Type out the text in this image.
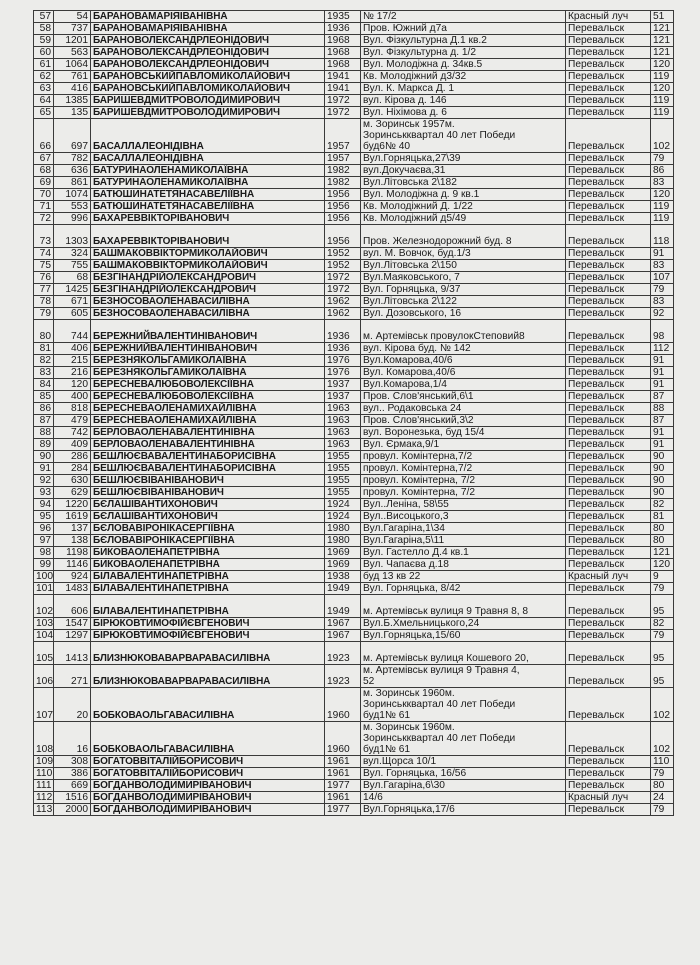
57	54	БАРАНОВАМАРІЯІВАНІВНА	1935	№ 17/2	Красный луч	51
58	737	БАРАНОВАМАРІЯІВАНІВНА	1936	Пров. Южний д7а	Перевальск	121
59	1201	БАРАНОВОЛЕКСАНДРЛЕОНІДОВИЧ	1968	Вул. Фізкультурна Д.1 кв.2	Перевальск	121
60	563	БАРАНОВОЛЕКСАНДРЛЕОНІДОВИЧ	1968	Вул. Фізкультурна д. 1/2	Перевальск	121
61	1064	БАРАНОВОЛЕКСАНДРЛЕОНІДОВИЧ	1968	Вул. Молодіжна д. 34кв.5	Перевальск	120
62	761	БАРАНОВСЬКИЙПАВЛОМИКОЛАЙОВИЧ	1941	Кв. Молодіжний д3/32	Перевальск	119
63	416	БАРАНОВСЬКИЙПАВЛОМИКОЛАЙОВИЧ	1941	Вул. К. Маркса Д. 1	Перевальск	120
64	1385	БАРИШЕВДМИТРОВОЛОДИМИРОВИЧ	1972	вул. Кірова д. 146	Перевальск	119
65	135	БАРИШЕВДМИТРОВОЛОДИМИРОВИЧ	1972	Вул. Ніхімова д. 6	Перевальск	119
66	697	БАСАЛЛАЛЕОНІДІВНА	1957	м. Зоринськ 1957м.
Зоринськквартал 40 лет Победи
буд6№ 40	Перевальск	102
67	782	БАСАЛЛАЛЕОНІДІВНА	1957	Вул.Горняцька,27\39	Перевальск	79
68	636	БАТУРИНАОЛЕНАМИКОЛАЇВНА	1982	вул.Докучаєва,31	Перевальск	86
69	861	БАТУРИНАОЛЕНАМИКОЛАЇВНА	1982	Вул.Літовська 2\182	Перевальск	83
70	1074	БАТЮШИНАТЕТЯНАСАВЕЛІЇВНА	1956	Вул. Молодіжна д. 9 кв.1	Перевальск	120
71	553	БАТЮШИНАТЕТЯНАСАВЕЛІЇВНА	1956	Кв. Молодіжний Д. 1/22	Перевальск	119
72	996	БАХАРЕВВІКТОРІВАНОВИЧ	1956	Кв. Молодіжний д5/49	Перевальск	119
73	1303	БАХАРЕВВІКТОРІВАНОВИЧ	1956	
Пров. Железнодорожний буд. 8	Перевальск	118
74	324	БАШМАКОВВІКТОРМИКОЛАЙОВИЧ	1952	вул. М. Вовчок, буд.1/3	Перевальск	91
75	755	БАШМАКОВВІКТОРМИКОЛАЙОВИЧ	1952	Вул.Літовська 2\150	Перевальск	83
76	68	БЕЗГІНАНДРІЙОЛЕКСАНДРОВИЧ	1972	Вул.Маяковського, 7	Перевальск	107
77	1425	БЕЗГІНАНДРІЙОЛЕКСАНДРОВИЧ	1972	Вул. Горняцька, 9/37	Перевальск	79
78	671	БЕЗНОСОВАОЛЕНАВАСИЛІВНА	1962	Вул.Літовська 2\122	Перевальск	83
79	605	БЕЗНОСОВАОЛЕНАВАСИЛІВНА	1962	Вул. Дозовського, 16	Перевальск	92
80	744	БЕРЕЖНИЙВАЛЕНТИНІВАНОВИЧ	1936	
м. Артемівськ провулокСтеповий8	Перевальск	98
81	406	БЕРЕЖНИЙВАЛЕНТИНІВАНОВИЧ	1936	вул. Кірова буд. № 142	Перевальск	112
82	215	БЕРЕЗНЯКОЛЬГАМИКОЛАЇВНА	1976	Вул.Комарова,40/6	Перевальск	91
83	216	БЕРЕЗНЯКОЛЬГАМИКОЛАЇВНА	1976	Вул. Комарова,40/6	Перевальск	91
84	120	БЕРЕСНЕВАЛЮБОВОЛЕКСІЇВНА	1937	Вул.Комарова,1/4	Перевальск	91
85	400	БЕРЕСНЕВАЛЮБОВОЛЕКСІЇВНА	1937	Пров. Слов'янський,6\1	Перевальск	87
86	818	БЕРЕСНЕВАОЛЕНАМИХАЙЛІВНА	1963	вул.. Родаковська 24	Перевальск	88
87	479	БЕРЕСНЕВАОЛЕНАМИХАЙЛІВНА	1963	Пров. Слов'янський,3\2	Перевальск	87
88	742	БЕРЛОВАОЛЕНАВАЛЕНТИНІВНА	1963	вул. Воронезька, буд 15/4	Перевальск	91
89	409	БЕРЛОВАОЛЕНАВАЛЕНТИНІВНА	1963	Вул. Єрмака,9/1	Перевальск	91
90	286	БЕШЛЮЄВАВАЛЕНТИНАБОРИСІВНА	1955	провул. Комінтерна,7/2	Перевальск	90
91	284	БЕШЛЮЄВАВАЛЕНТИНАБОРИСІВНА	1955	провул. Комінтерна,7/2	Перевальск	90
92	630	БЕШЛЮЄВІВАНІВАНОВИЧ	1955	провул. Комінтерна, 7/2	Перевальск	90
93	629	БЕШЛЮЄВІВАНІВАНОВИЧ	1955	провул. Комінтерна, 7/2	Перевальск	90
94	1220	БЄЛАШІВАНТИХОНОВИЧ	1924	Вул..Леніна, 58\55	Перевальск	82
95	1619	БЄЛАШІВАНТИХОНОВИЧ	1924	Вул..Висоцького,3	Перевальск	81
96	137	БЄЛОВАВІРОНІКАСЕРГІЇВНА	1980	Вул.Гагаріна,1\34	Перевальск	80
97	138	БЄЛОВАВІРОНІКАСЕРГІЇВНА	1980	Вул.Гагаріна,5\11	Перевальск	80
98	1198	БИКОВАОЛЕНАПЕТРІВНА	1969	Вул. Гастелло Д.4 кв.1	Перевальск	121
99	1146	БИКОВАОЛЕНАПЕТРІВНА	1969	Вул. Чапаєва д.18	Перевальск	120
100	924	БІЛАВАЛЕНТИНАПЕТРІВНА	1938	буд 13 кв 22	Красный луч	9
101	1483	БІЛАВАЛЕНТИНАПЕТРІВНА	1949	Вул. Горняцька, 8/42	Перевальск	79
102	606	БІЛАВАЛЕНТИНАПЕТРІВНА	1949	
м. Артемівськ вулиця 9 Травня 8, 8	Перевальск	95
103	1547	БІРЮКОВТИМОФІЙЄВГЕНОВИЧ	1967	Вул.Б.Хмельницького,24	Перевальск	82
104	1297	БІРЮКОВТИМОФІЙЄВГЕНОВИЧ	1967	Вул.Горняцька,15/60	Перевальск	79
105	1413	БЛИЗНЮКОВАВАРВАРАВАСИЛІВНА	1923	
м. Артемівськ вулиця Кошевого 20,	Перевальск	95
106	271	БЛИЗНЮКОВАВАРВАРАВАСИЛІВНА	1923	м. Артемівськ вулиця 9 Травня 4,
52	Перевальск	95
107	20	БОБКОВАОЛЬГАВАСИЛІВНА	1960	м. Зоринськ 1960м.
Зоринськквартал 40 лет Победи
буд1№ 61	Перевальск	102
108	16	БОБКОВАОЛЬГАВАСИЛІВНА	1960	м. Зоринськ 1960м.
Зоринськквартал 40 лет Победи
буд1№ 61	Перевальск	102
109	308	БОГАТОВВІТАЛІЙБОРИСОВИЧ	1961	вул.Щорса 10/1	Перевальск	110
110	386	БОГАТОВВІТАЛІЙБОРИСОВИЧ	1961	Вул. Горняцька, 16/56	Перевальск	79
111	669	БОГДАНВОЛОДИМИРІВАНОВИЧ	1977	Вул.Гагаріна,6\30	Перевальск	80
112	1516	БОГДАНВОЛОДИМИРІВАНОВИЧ	1961	14/6	Красный луч	24
113	2000	БОГДАНВОЛОДИМИРІВАНОВИЧ	1977	Вул.Горняцька,17/6	Перевальск	79
